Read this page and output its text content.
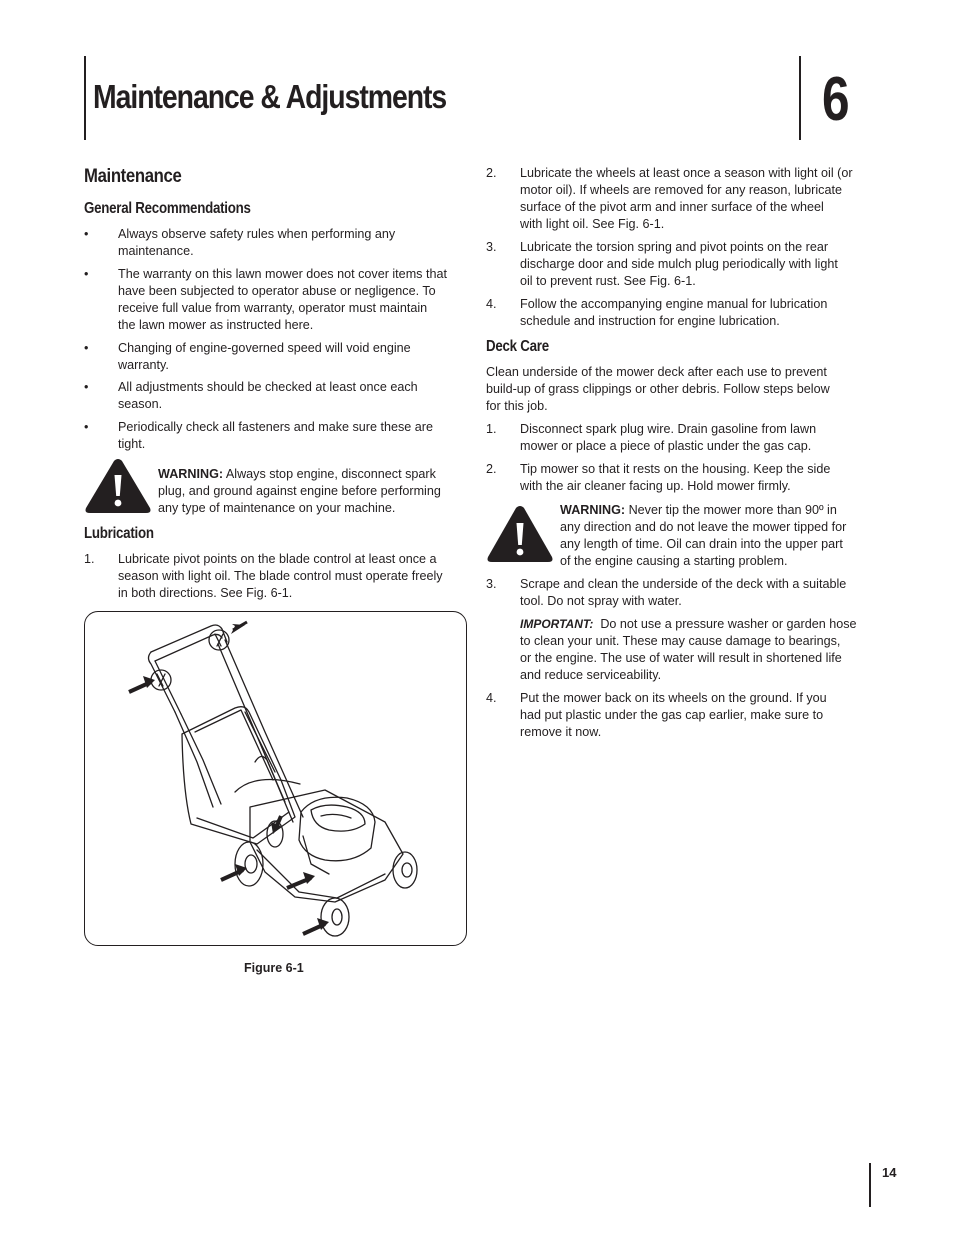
Maintenance & Adjustments	6
Maintenance
General Recommendations
• Always observe safety rules when performing any
maintenance.
• The warranty on this lawn mower does not cover items that
have been subjected to operator abuse or negligence. To
receive full value from warranty, operator must maintain
the lawn mower as instructed here.
• Changing of engine-governed speed will void engine
warranty.
• All adjustments should be checked at least once each
season.
• Periodically check all fasteners and make sure these are
tight.
WARNING: Always stop engine, disconnect spark
plug, and ground against engine before performing
any type of maintenance on your machine.
Lubrication
1. Lubricate pivot points on the blade control at least once a
season with light oil. The blade control must operate freely
in both directions. See Fig. 6-1.
Figure 6-1
2. Lubricate the wheels at least once a season with light oil (or
motor oil). If wheels are removed for any reason, lubricate
surface of the pivot arm and inner surface of the wheel
with light oil. See Fig. 6-1.
3. Lubricate the torsion spring and pivot points on the rear
discharge door and side mulch plug periodically with light
oil to prevent rust. See Fig. 6-1.
4. Follow the accompanying engine manual for lubrication
schedule and instruction for engine lubrication.
Deck Care
Clean underside of the mower deck after each use to prevent
build-up of grass clippings or other debris. Follow steps below
for this job.
1. Disconnect spark plug wire. Drain gasoline from lawn
mower or place a piece of plastic under the gas cap.
2. Tip mower so that it rests on the housing. Keep the side
with the air cleaner facing up. Hold mower firmly.
WARNING: Never tip the mower more than 90º in
any direction and do not leave the mower tipped for
any length of time. Oil can drain into the upper part
of the engine causing a starting problem.
3. Scrape and clean the underside of the deck with a suitable
tool. Do not spray with water.
IMPORTANT: Do not use a pressure washer or garden hose
to clean your unit. These may cause damage to bearings,
or the engine. The use of water will result in shortened life
and reduce serviceability.
4. Put the mower back on its wheels on the ground. If you
had put plastic under the gas cap earlier, make sure to
remove it now.
14
